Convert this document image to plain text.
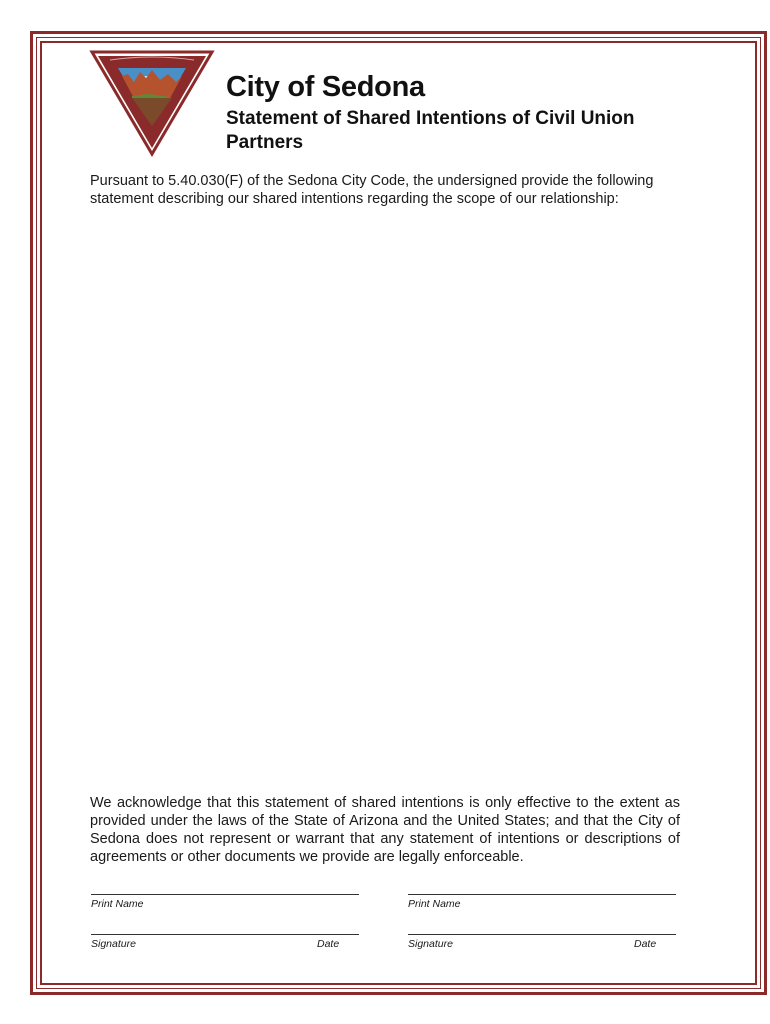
City of Sedona
Statement of Shared Intentions of Civil Union Partners

Pursuant to 5.40.030(F) of the Sedona City Code, the undersigned provide the following statement describing our shared intentions regarding the scope of our relationship:

We acknowledge that this statement of shared intentions is only effective to the extent as provided under the laws of the State of Arizona and the United States; and that the City of Sedona does not represent or warrant that any statement of intentions or descriptions of agreements or other documents we provide are legally enforceable.

Print Name	Print Name
Signature	Date	Signature	Date
